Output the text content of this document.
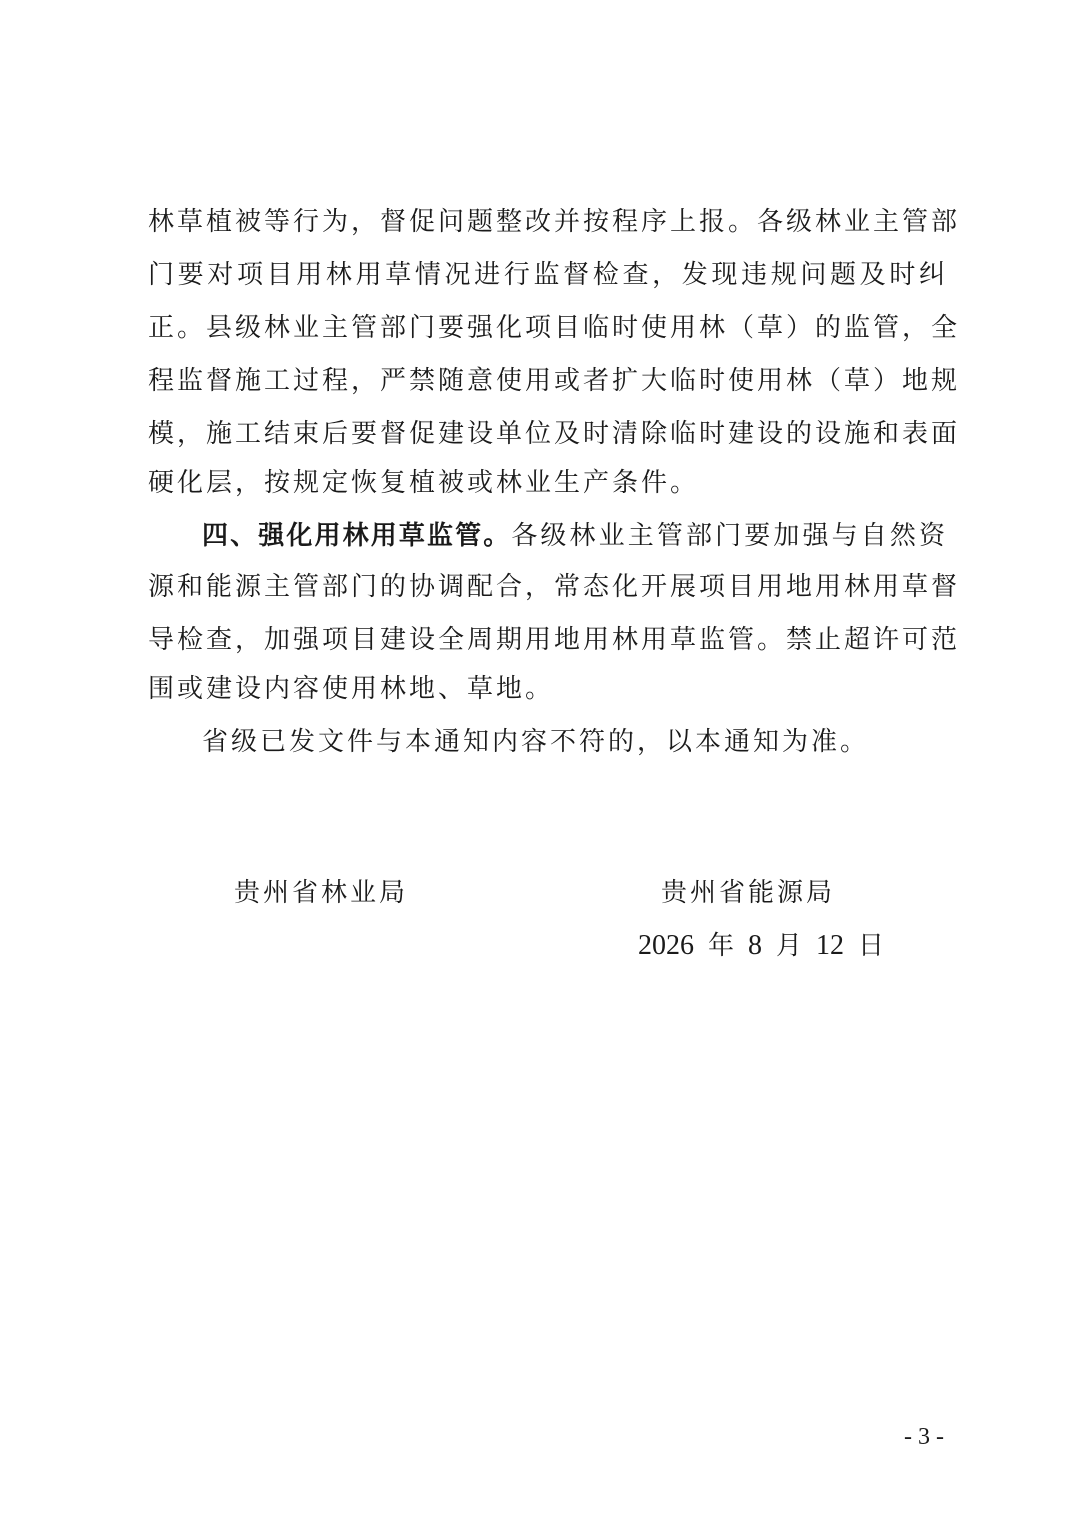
林草植被等行为，督促问题整改并按程序上报。各级林业主管部
门要对项目用林用草情况进行监督检查，发现违规问题及时纠
正。县级林业主管部门要强化项目临时使用林（草）的监管，全
程监督施工过程，严禁随意使用或者扩大临时使用林（草）地规
模，施工结束后要督促建设单位及时清除临时建设的设施和表面
硬化层，按规定恢复植被或林业生产条件。
四、强化用林用草监管。各级林业主管部门要加强与自然资
源和能源主管部门的协调配合，常态化开展项目用地用林用草督
导检查，加强项目建设全周期用地用林用草监管。禁止超许可范
围或建设内容使用林地、草地。
省级已发文件与本通知内容不符的，以本通知为准。
贵州省林业局	贵州省能源局
2026 年 8 月 12 日
- 3 -
